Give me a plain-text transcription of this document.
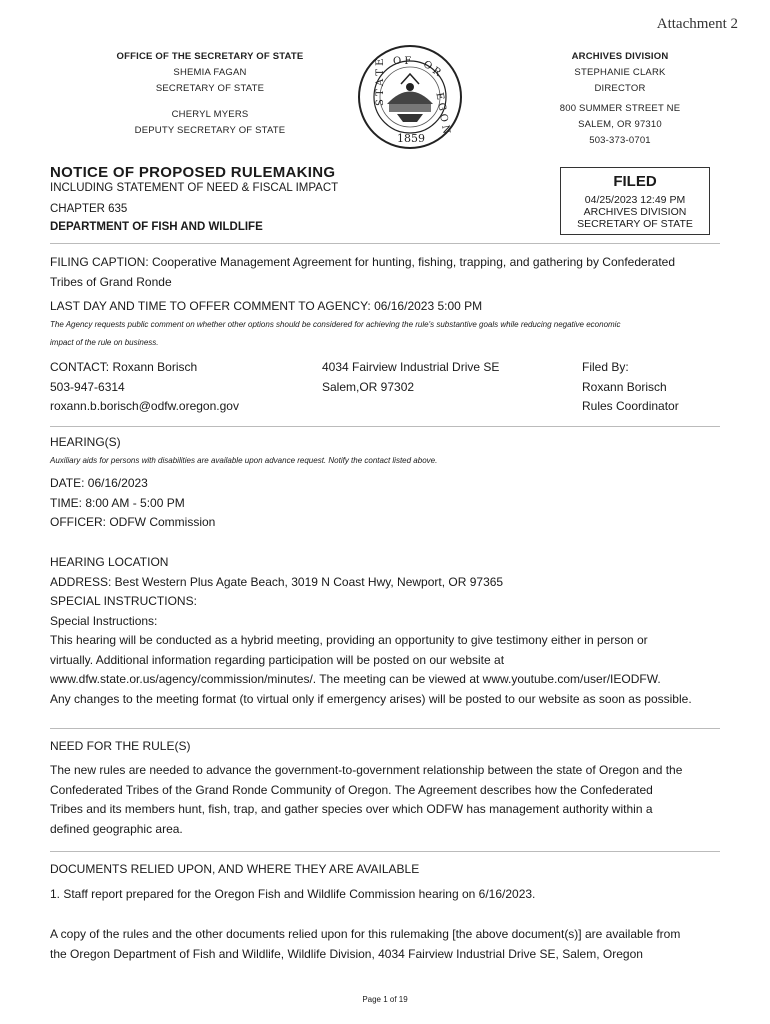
Attachment 2
OFFICE OF THE SECRETARY OF STATE
SHEMIA FAGAN
SECRETARY OF STATE
CHERYL MYERS
DEPUTY SECRETARY OF STATE
O F O R
E G O N
S T A T E
1859
ARCHIVES DIVISION
STEPHANIE CLARK
DIRECTOR
800 SUMMER STREET NE
SALEM, OR 97310
503-373-0701
NOTICE OF PROPOSED RULEMAKING
INCLUDING STATEMENT OF NEED & FISCAL IMPACT
CHAPTER 635
DEPARTMENT OF FISH AND WILDLIFE
FILED
04/25/2023 12:49 PM
ARCHIVES DIVISION
SECRETARY OF STATE
FILING CAPTION: Cooperative Management Agreement for hunting, fishing, trapping, and gathering by Confederated
Tribes of Grand Ronde
LAST DAY AND TIME TO OFFER COMMENT TO AGENCY: 06/16/2023 5:00 PM
The Agency requests public comment on whether other options should be considered for achieving the rule's substantive goals while reducing negative economic
impact of the rule on business.
CONTACT: Roxann Borisch
503-947-6314
roxann.b.borisch@odfw.oregon.gov
4034 Fairview Industrial Drive SE
Salem,OR 97302
Filed By:
Roxann Borisch
Rules Coordinator
HEARING(S)
Auxiliary aids for persons with disabilities are available upon advance request. Notify the contact listed above.
DATE: 06/16/2023
TIME: 8:00 AM - 5:00 PM
OFFICER: ODFW Commission
HEARING LOCATION
ADDRESS: Best Western Plus Agate Beach, 3019 N Coast Hwy, Newport, OR 97365
SPECIAL INSTRUCTIONS:
Special Instructions:
This hearing will be conducted as a hybrid meeting, providing an opportunity to give testimony either in person or
virtually. Additional information regarding participation will be posted on our website at
www.dfw.state.or.us/agency/commission/minutes/. The meeting can be viewed at www.youtube.com/user/IEODFW.
Any changes to the meeting format (to virtual only if emergency arises) will be posted to our website as soon as possible.
NEED FOR THE RULE(S)
The new rules are needed to advance the government-to-government relationship between the state of Oregon and the
Confederated Tribes of the Grand Ronde Community of Oregon. The Agreement describes how the Confederated
Tribes and its members hunt, fish, trap, and gather species over which ODFW has management authority within a
defined geographic area.
DOCUMENTS RELIED UPON, AND WHERE THEY ARE AVAILABLE
1. Staff report prepared for the Oregon Fish and Wildlife Commission hearing on 6/16/2023.
A copy of the rules and the other documents relied upon for this rulemaking [the above document(s)] are available from
the Oregon Department of Fish and Wildlife, Wildlife Division, 4034 Fairview Industrial Drive SE, Salem, Oregon
Page 1 of 19
